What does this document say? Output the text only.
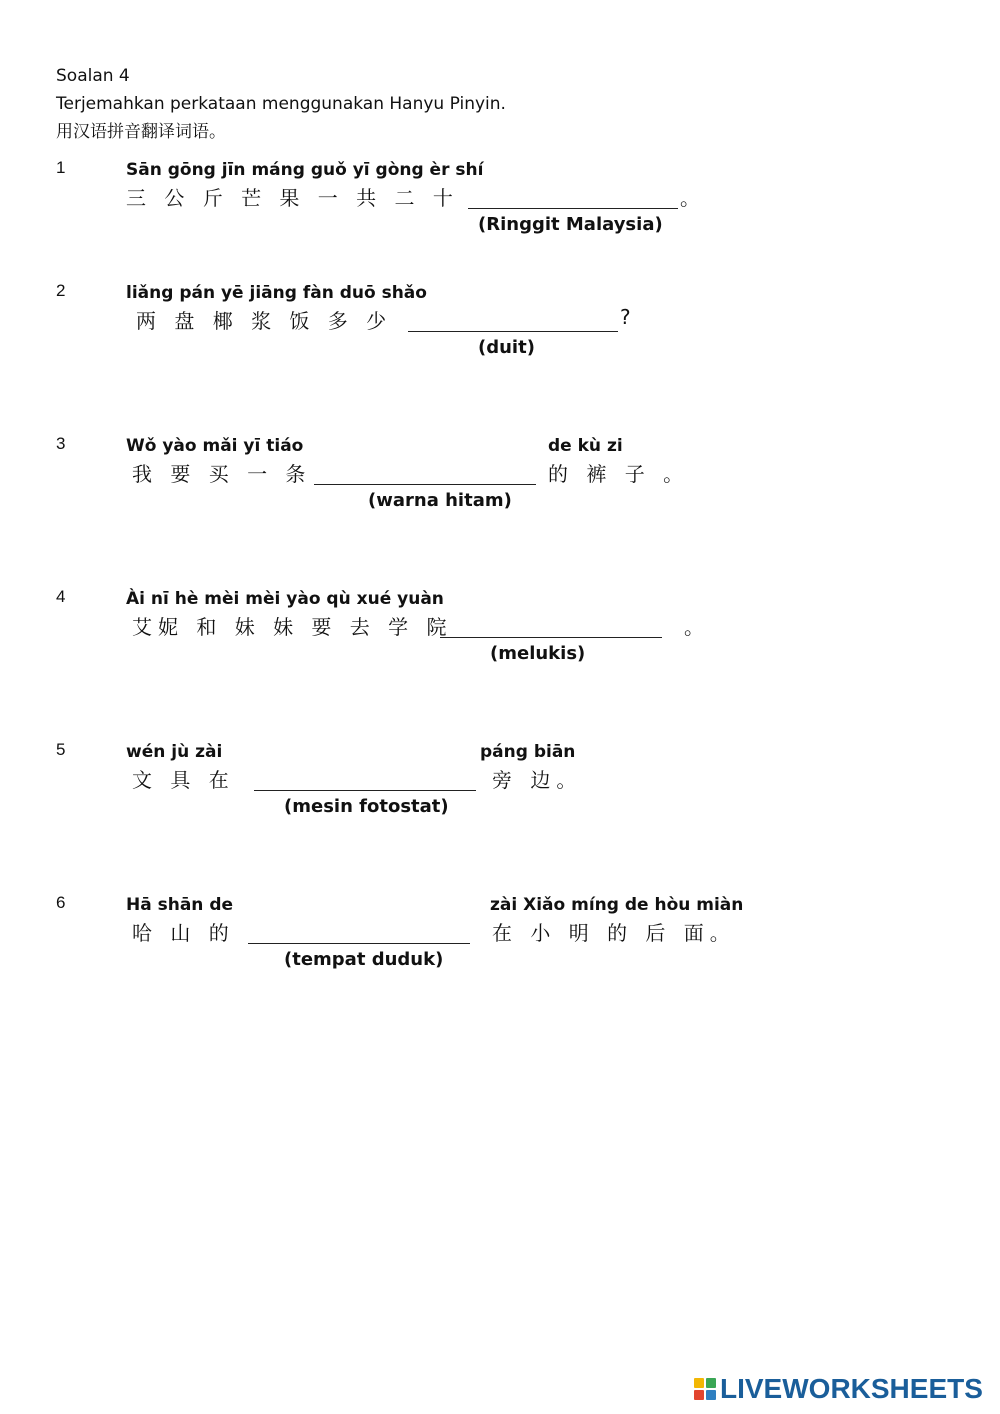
Soalan 4
Terjemahkan perkataan menggunakan Hanyu Pinyin.
用汉语拼音翻译词语。
1	Sān gōng jīn máng guǒ yī gòng èr shí
三 公 斤 芒 果 一 共 二 十	。
(Ringgit Malaysia)
2	liǎng pán yē jiāng fàn duō shǎo
两 盘 椰 浆 饭 多 少	?
(duit)
3	Wǒ yào mǎi yī tiáo	de kù zi
我 要 买 一 条	的 裤 子 。
(warna hitam)
4	Ài nī hè mèi mèi yào qù xué yuàn
艾妮 和 妹 妹 要 去 学 院	。
(melukis)
5	wén jù zài	páng biān
文 具 在	旁 边。
(mesin fotostat)
6	Hā shān de	zài Xiǎo míng de hòu miàn
哈 山 的	在 小 明 的 后 面。
(tempat duduk)
LIVEWORKSHEETS
